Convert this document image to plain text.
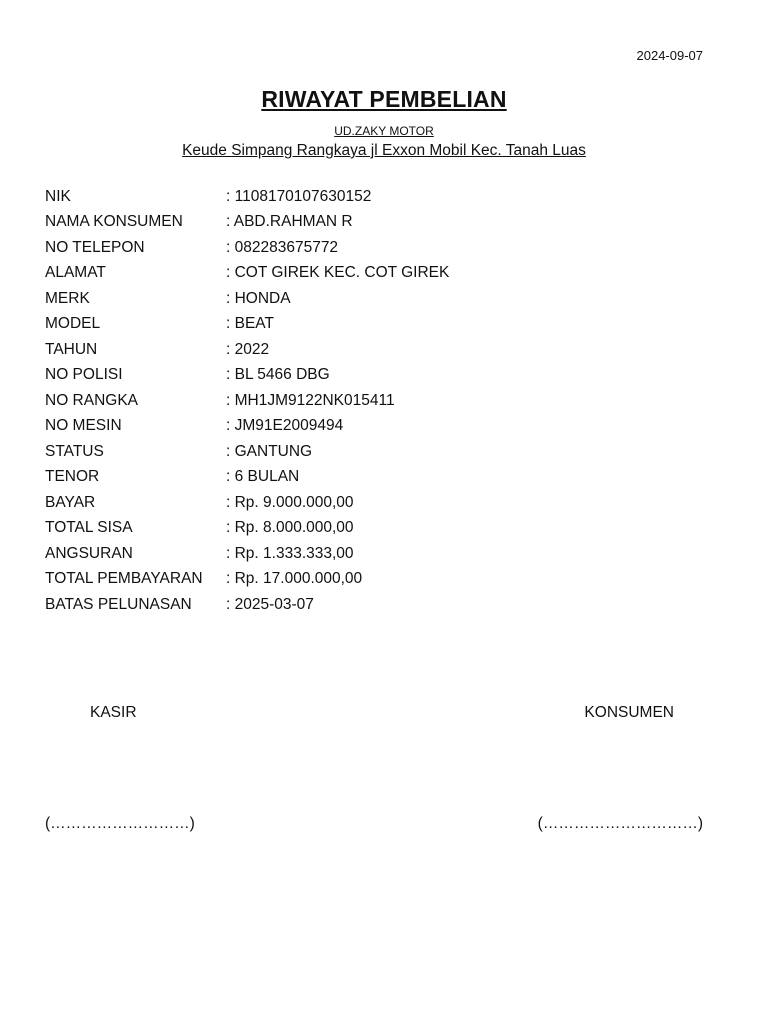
2024-09-07
RIWAYAT PEMBELIAN
UD.ZAKY MOTOR
Keude Simpang Rangkaya jl Exxon Mobil Kec. Tanah Luas
NIK	: 1108170107630152
NAMA KONSUMEN	: ABD.RAHMAN R
NO TELEPON	: 082283675772
ALAMAT	: COT GIREK KEC. COT GIREK
MERK	: HONDA
MODEL	: BEAT
TAHUN	: 2022
NO POLISI	: BL 5466 DBG
NO RANGKA	: MH1JM9122NK015411
NO MESIN	: JM91E2009494
STATUS	: GANTUNG
TENOR	: 6 BULAN
BAYAR	: Rp. 9.000.000,00
TOTAL SISA	: Rp. 8.000.000,00
ANGSURAN	: Rp. 1.333.333,00
TOTAL PEMBAYARAN	: Rp. 17.000.000,00
BATAS PELUNASAN	: 2025-03-07
KASIR	KONSUMEN
(………………………)	(…………………………)
